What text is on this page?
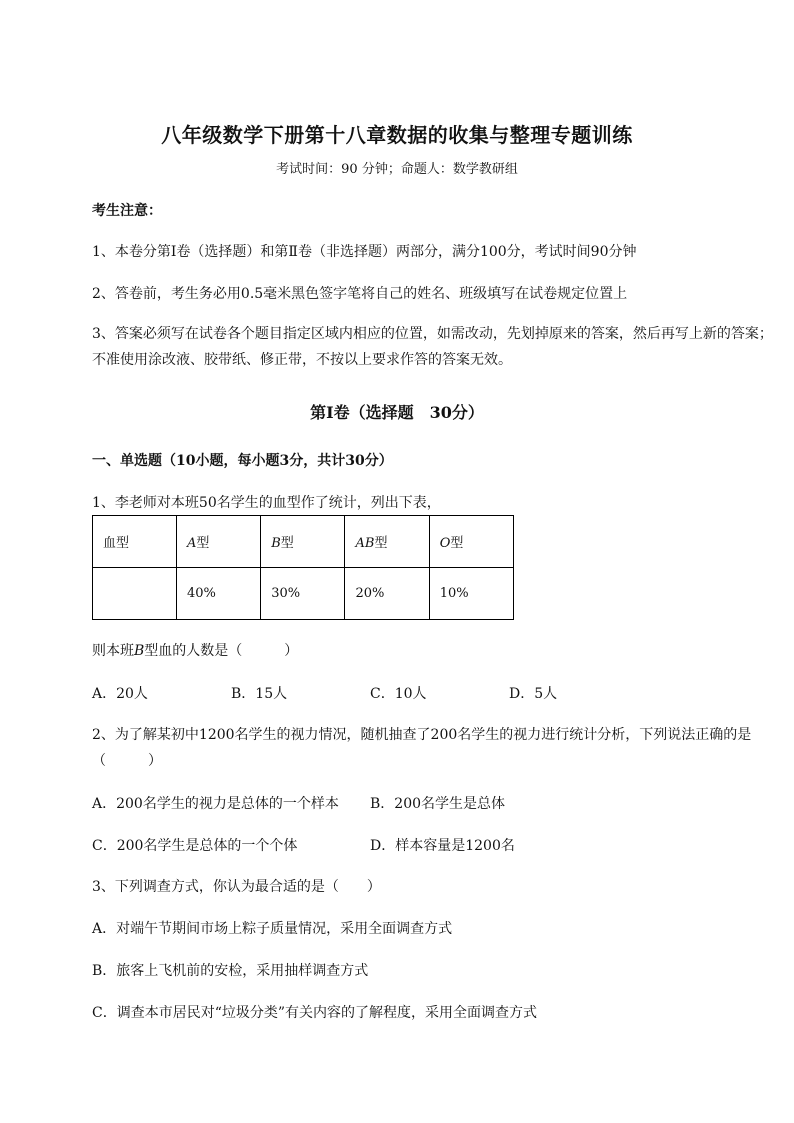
八年级数学下册第十八章数据的收集与整理专题训练
考试时间：90 分钟；命题人：数学教研组
考生注意：
1、本卷分第I卷（选择题）和第Ⅱ卷（非选择题）两部分，满分100分，考试时间90分钟
2、答卷前，考生务必用0.5毫米黑色签字笔将自己的姓名、班级填写在试卷规定位置上
3、答案必须写在试卷各个题目指定区域内相应的位置，如需改动，先划掉原来的答案，然后再写上新的答案；不准使用涂改液、胶带纸、修正带，不按以上要求作答的答案无效。
第I卷（选择题　30分）
一、单选题（10小题，每小题3分，共计30分）
1、李老师对本班50名学生的血型作了统计，列出下表，
血型	A型	B型	AB型	O型
	40%	30%	20%	10%
则本班B型血的人数是（　　　）
A．20人	B．15人	C．10人	D．5人
2、为了解某初中1200名学生的视力情况，随机抽查了200名学生的视力进行统计分析，下列说法正确的是（　　　）
A．200名学生的视力是总体的一个样本 B．200名学生是总体
C．200名学生是总体的一个个体	D．样本容量是1200名
3、下列调查方式，你认为最合适的是（　　）
A．对端午节期间市场上粽子质量情况，采用全面调查方式
B．旅客上飞机前的安检，采用抽样调查方式
C．调查本市居民对“垃圾分类”有关内容的了解程度，采用全面调查方式
